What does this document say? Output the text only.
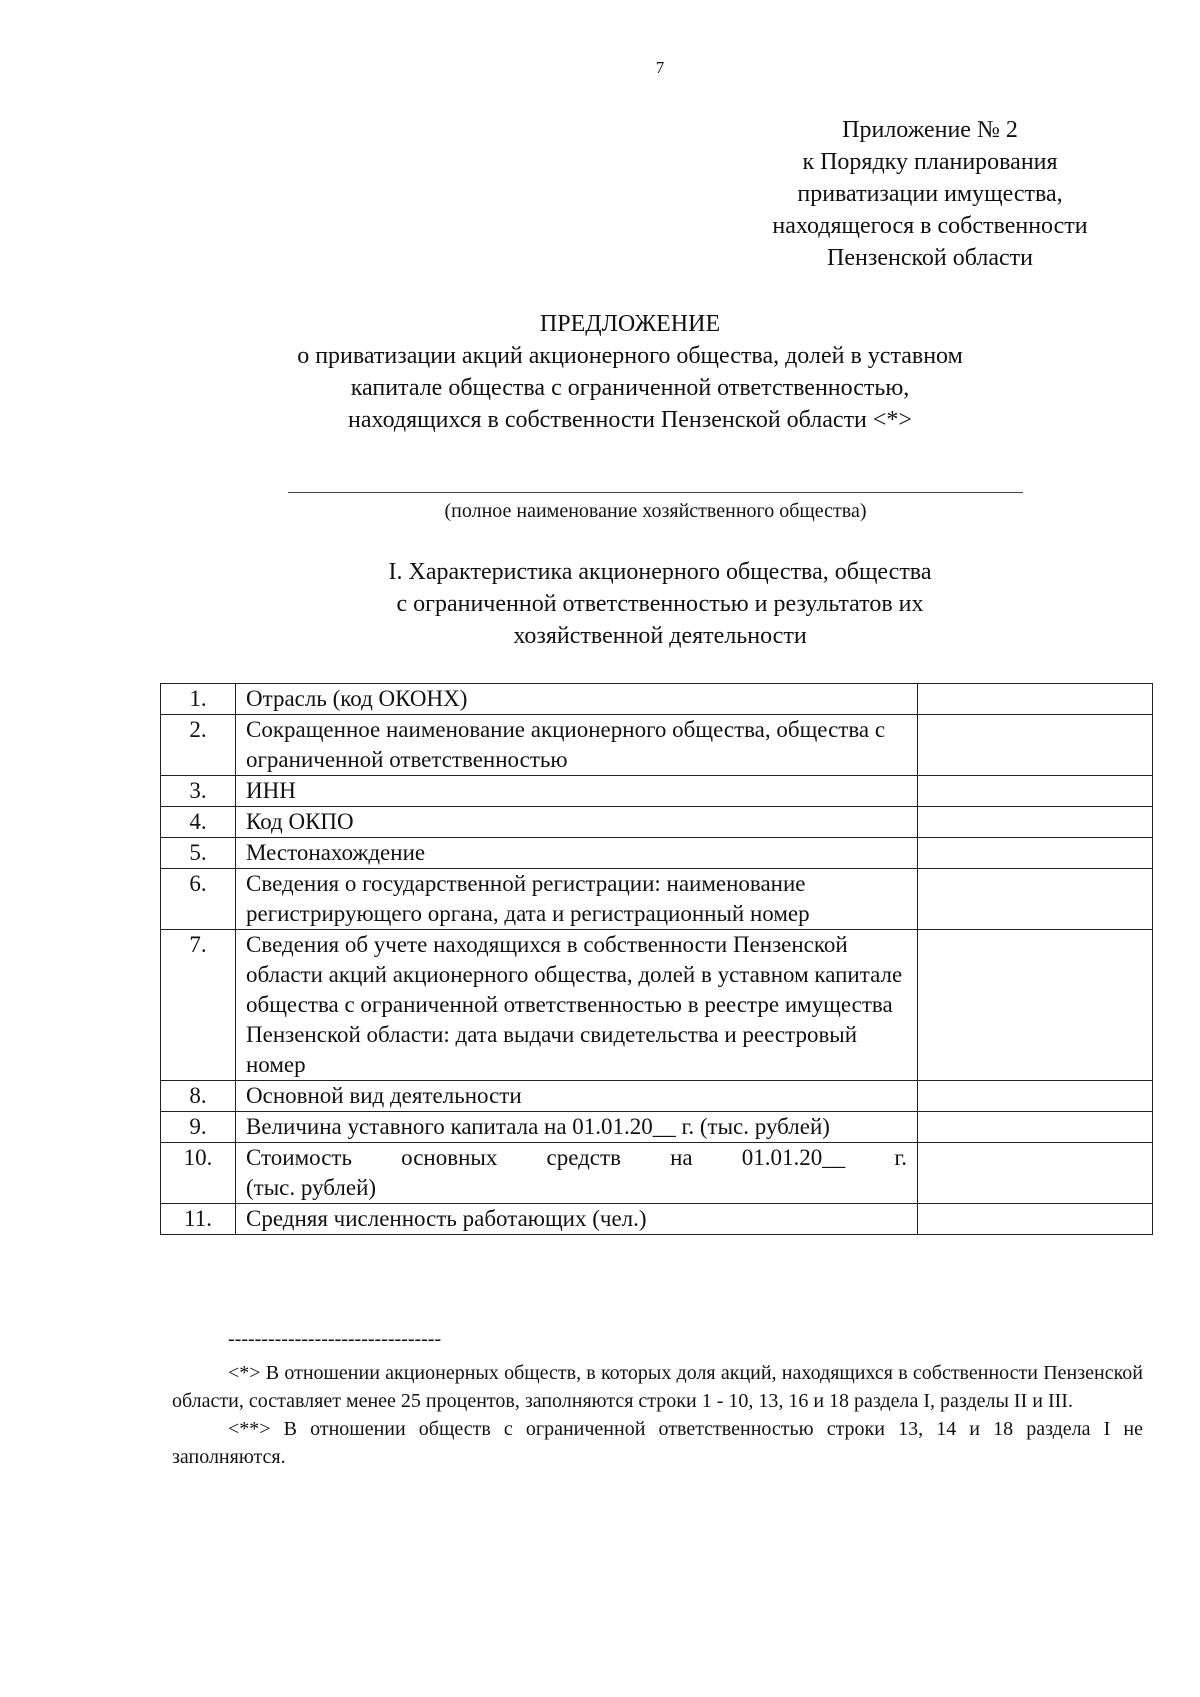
7
Приложение № 2
к Порядку планирования
приватизации имущества,
находящегося в собственности
Пензенской области
ПРЕДЛОЖЕНИЕ
о приватизации акций акционерного общества, долей в уставном
капитале общества с ограниченной ответственностью,
находящихся в собственности Пензенской области <*>
(полное наименование хозяйственного общества)
I. Характеристика акционерного общества, общества
с ограниченной ответственностью и результатов их
хозяйственной деятельности
1.	Отрасль (код ОКОНХ)	
2.	Сокращенное наименование акционерного общества, общества с ограниченной ответственностью	
3.	ИНН	
4.	Код ОКПО	
5.	Местонахождение	
6.	Сведения о государственной регистрации: наименование регистрирующего органа, дата и регистрационный номер	
7.	Сведения об учете находящихся в собственности Пензенской области акций акционерного общества, долей в уставном капитале общества с ограниченной ответственностью в реестре имущества Пензенской области: дата выдачи свидетельства и реестровый номер	
8.	Основной вид деятельности	
9.	Величина уставного капитала на 01.01.20__ г. (тыс. рублей)	
10.	Стоимость основных средств на 01.01.20__ г.
(тыс. рублей)	

11.	Средняя численность работающих (чел.)	
--------------------------------
<*> В отношении акционерных обществ, в которых доля акций, находящихся в собственности Пензенской области, составляет менее 25 процентов, заполняются строки 1 - 10, 13, 16 и 18 раздела I, разделы II и III.
<**> В отношении обществ с ограниченной ответственностью строки 13, 14 и 18 раздела I не заполняются.
